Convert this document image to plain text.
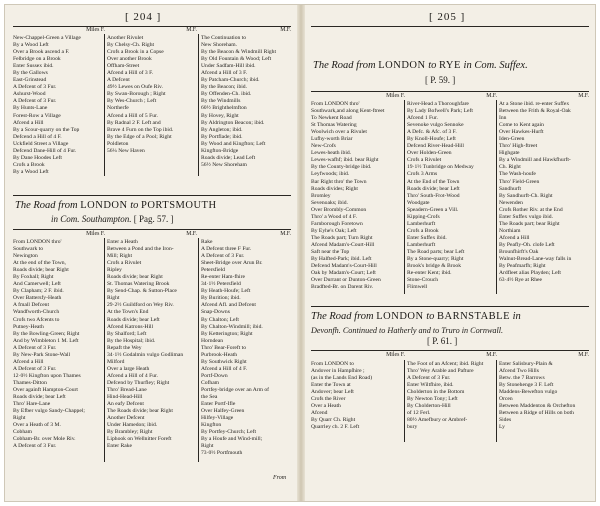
[ 204 ]
Miles F.	M.F.	M.F.
New-Chappel-Green a Village
By a Wood Left
Over a Brook ascend a F.
Felbridge on a Brook
Enter Sussex ibid.
By the Gallows
East-Grinstead
A Defcent of 3 Fur.
Ashurst-Wood
A Defcent of 3 Fur.
By Hunts-Lane
Forest-Row a Village
Afcend a Hill
By a Scour-quarry on the Top
Defcend a Hill of 4 F.
Uckfield Street a Village
Defcend Dane-Hill of 4 Fur.
By Dane Hoodes Left
Crofs a Brook
By a Wood Left
Another Rivulet
By Chelsy-Ch. Right
Crofs a Brook in a Copse
Over another Brook
Offham-Street
Afcend a Hill of 3 F.
A Defcent
49½ Lewes on Oufe Riv.
By Swan-Borough ; Right
By Wes-Church ; Left
Northerfe
Afcend a Hill of 5 Fur.
By Radnal 2 F. Left and
Brave 4 Furn on the Top ibid.
By the Edge of a Pool; Right
Poldleton
56¼ New Haven
The Continuation to
New Shoreham.
By the Beacon & Windmill Right
By Old Fountain & Wood; Left
Under Sadfam-Hill ibid.
Afcend a Hill of 3 F.
By Patcham-Church; ibid.
By the Beacon; ibid.
By Offenden-Ch. ibid.
By the Windmills
60½ Brighthelmfton
By Hovey, Right
By Aldrington Beacon; ibid.
By Angleton; ibid.
By Portflade; ibid.
By Wood and Kingfton; Left
Kingfton-Bridge
Roads divide; Lead Left
56½ New Shoreham
The Road from LONDON to PORTSMOUTH
in Com. Southampton. [ Pag. 57. ]
Miles F.	M.F.	M.F.
From LONDON thro'
Southwark to
Newington
At the end of the Town,
Roads divide; bear Right
By Foxhall; Right
And Camerwell; Left
By Clapham; 2 F. ibid.
Over Battersfy-Heath
A fmall Defcent
Wandfworth-Church
Crofs two Afcents to
Putney-Heath
By the Bowling-Green; Right
And by Wimbleton 1 M. Left
A Defcent of 3 Fur.
By New-Park Stone-Wall
Afcend a Hill
A Defcent of 3 Fur.
12·0½ Kingfton upon Thames
Thames-Ditton
Over againft Hampton-Court
Roads divide; bear Left
Thro' Hare-Lane
By Efber vulgo Sandy-Chappel;
Right
Over a Heath of 3 M.
Cobham
Cobham-Br. over Mole Riv.
A Defcent of 3 Fur.
Enter a Heath
Between a Pond and the Iron-
Mill; Right
Crofs a Rivulet
Ripley
Roads divide; bear Right
St. Thomas Watering Brook
By Send-Chap. & Sutton-Place
Right
29·2½ Guildford on Wey Riv.
At the Town's End
Roads divide; bear Left
Afcend Katrons-Hill
By Shalford; Left
By the Hospital; ibid.
Repaft the Wey
34·1½ Godalmin vulgo Godliman
Milford
Over a large Heath
Afcend a Hill of 4 Fur.
Defcend by Thurfley; Right
Thro' Bread-Lane
Hind-Head-Hill
An eafy Defcent
The Roads divide; bear Right
Another Defcent
Under Hamedon; ibid.
By Brambley; Right
Liphook on Wellnitter Foreft
Enter Rake
Rake
A Defcent three F Fur.
A Defcent of 3 Fur.
Sheet-Bridge over Arun Br.
Petersfield
Re-enter Ham-fhire
34·1½ Petersfield
By Heath-Houfe; Left
By Burition; ibid.
Afcend Afl. and Defcent
Snap-Downs
By Chalton; Left
By Chalton-Windmill; ibid.
By Ketterington; Right
Horndean
Thro' Bear-Foreft to
Purbrook-Heath
By Southwick Right
Afcend a Hill of 4 F.
Portf-Down
Cofham
Portfey-bridge over an Arm of
the Sea
Enter Portf-Ifle
Over Halfey-Green
Hilfey-Village
Kingfton
By Portfey-Church; Left
By a Houfe and Wind-mill;
Right
73·0½ Portfmouth
From
[ 205 ]
The Road from LONDON to RYE in Com. Suffex.
[ P. 59. ]
Miles F.	M.F.	M.F.
From LONDON thro'
Southwark,and along Kent-ftreet
To Newkent Road
St Thomas Watering
Woolwich over a Rivulet
Lufhy-worth Briar
New-Crofs
Lewes-heath ibid.
Lewes-wafhf; ibid. bear Right
By the County-bridge ibid.
Leyfwoods; ibid.
Bar Right thro' the Town
Roads divides; Right
Bromley
Sevenoaks; ibid.
Over Brombly-Common
Thro' a Wood of 4 F.
Farnborough Foretown
By Eyhe's Oak; Left
The Roads part; Turn Right
Afcend Madam's-Court-Hill
Saft near the Top
By Halfted-Park; ibid. Left
Defcend Madam's-Court-Hill
Oak by Madam's-Court; Left
Over Durrant or Dunton-Green
Bradfted-Br. on Darent Riv.
River-Head a Thoroughfare
By Lady Bofwell's Park; Left
Afcend 1 Fur.
Sevenoke vulgo Sennoke
A Defc. & Afc. of 3 F.
By Knoll-Houfe; Left
Defcend River-Head-Hill
Over Holden-Green
Crofs a Rivulet
19·1½ Tunbridge on Medway
Crofs 3 Arms
At the End of the Town
Roads divide; bear Left
Thro' South-Frot-Wood
Woodgate
Speadern-Green a Vill.
Kipping-Crofs
Lamberhurft
Crofs a Brook
Enter Suffex ibid.
Lamberhurft
The Road parts; bear Left
By a Stone-quarry; Right
Brook's bridge & Brook
Re-enter Kent; ibid.
Stone-Crouch
Flimwell
At a Stone ibid. re-enter Suffex
Between the Frith & Royal-Oak
Inn
Come to Kent again
Over Hawkes-Hurft
Iden-Green
Thro' High-ftreet
Highgate
By a Windmill and Hawkfhurft-
Ch. Right
The Wash-houfe
Thro' Field-Green
Sandhurft
By Sandhurft-Ch. Right
Newenden
Crofs Rother Riv. at the End
Enter Suffex vulgo ibid.
The Roads part; bear Right
Northiam
Afcend a Hill
By Peafly-Oh. clofe Left
Brounfhirft's Oak
Walnut-Bread-Lane-way falls in
By Peafmarfh; Right
Ardfleet alias Playden; Left
63·4½ Rye at Rhee
The Road from LONDON to BARNSTABLE in
Devonfh. Continued to Hatherly and to Truro in Cornwall.
[ P. 61. ]
Miles F.	M.F.	M.F.
From LONDON to
Andover in Hampſhire ;
(as in the Lands End Road)
Enter the Town at
Andover; bear Left
Crofs the River
Over a Heath
Afcend
By Quarr Ch. Right
Quarrley ch. 2 F. Left
The Foot of an Afcent; ibid. Right
Thro' Wey Arable and Pafture
A Defcent of 3 Fur.
Enter Wiltfhire, ibid.
Cholderton in the Bottom
By Newton Tony; Left
By Cholderton-Hill
of 12 Ferl.
80½ Amefbury or Ambref-
bury
Enter Salisbury-Plain &
Afcend Two Hills
Betw. the 7 Barrows
By Stonehenge 3 F. Left
Maddens-Bewefton vulgo
Orcen
Between Maddenton & Orchefton
Between a Ridge of Hills on both
Sides
Ly
